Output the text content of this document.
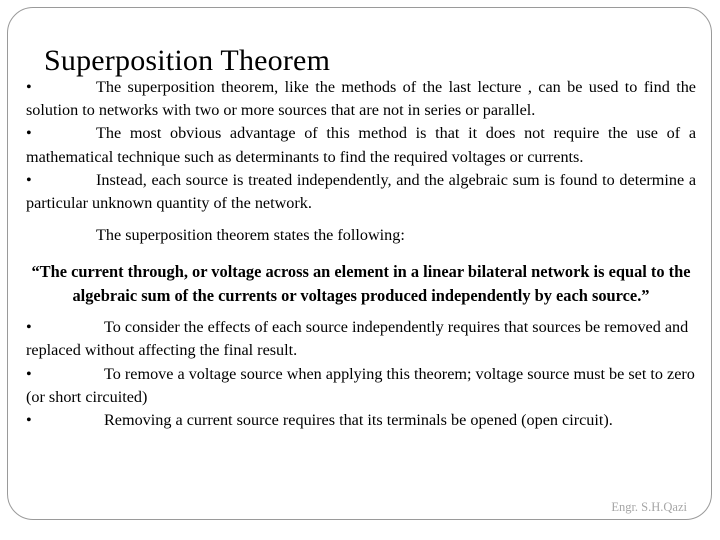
Superposition Theorem

•	The superposition theorem, like the methods of the last lecture , can be used to find the solution to networks with two or more sources that are not in series or parallel.

•	The most obvious advantage of this method is that it does not require the use of a mathematical technique such as determinants to find the required voltages or currents.

•	Instead, each source is treated independently, and the algebraic sum is found to determine a particular unknown quantity of the network.

The superposition theorem states the following:

“The current through, or voltage across an element in a linear bilateral network is equal to the algebraic sum of the currents or voltages produced independently by each source.”

•	To consider the effects of each source independently requires that sources be removed and replaced without affecting the final result.

•	To remove a voltage source when applying this theorem; voltage source must be set to zero (or short circuited)

•	Removing a current source requires that its terminals be opened (open circuit).

Engr. S.H.Qazi
